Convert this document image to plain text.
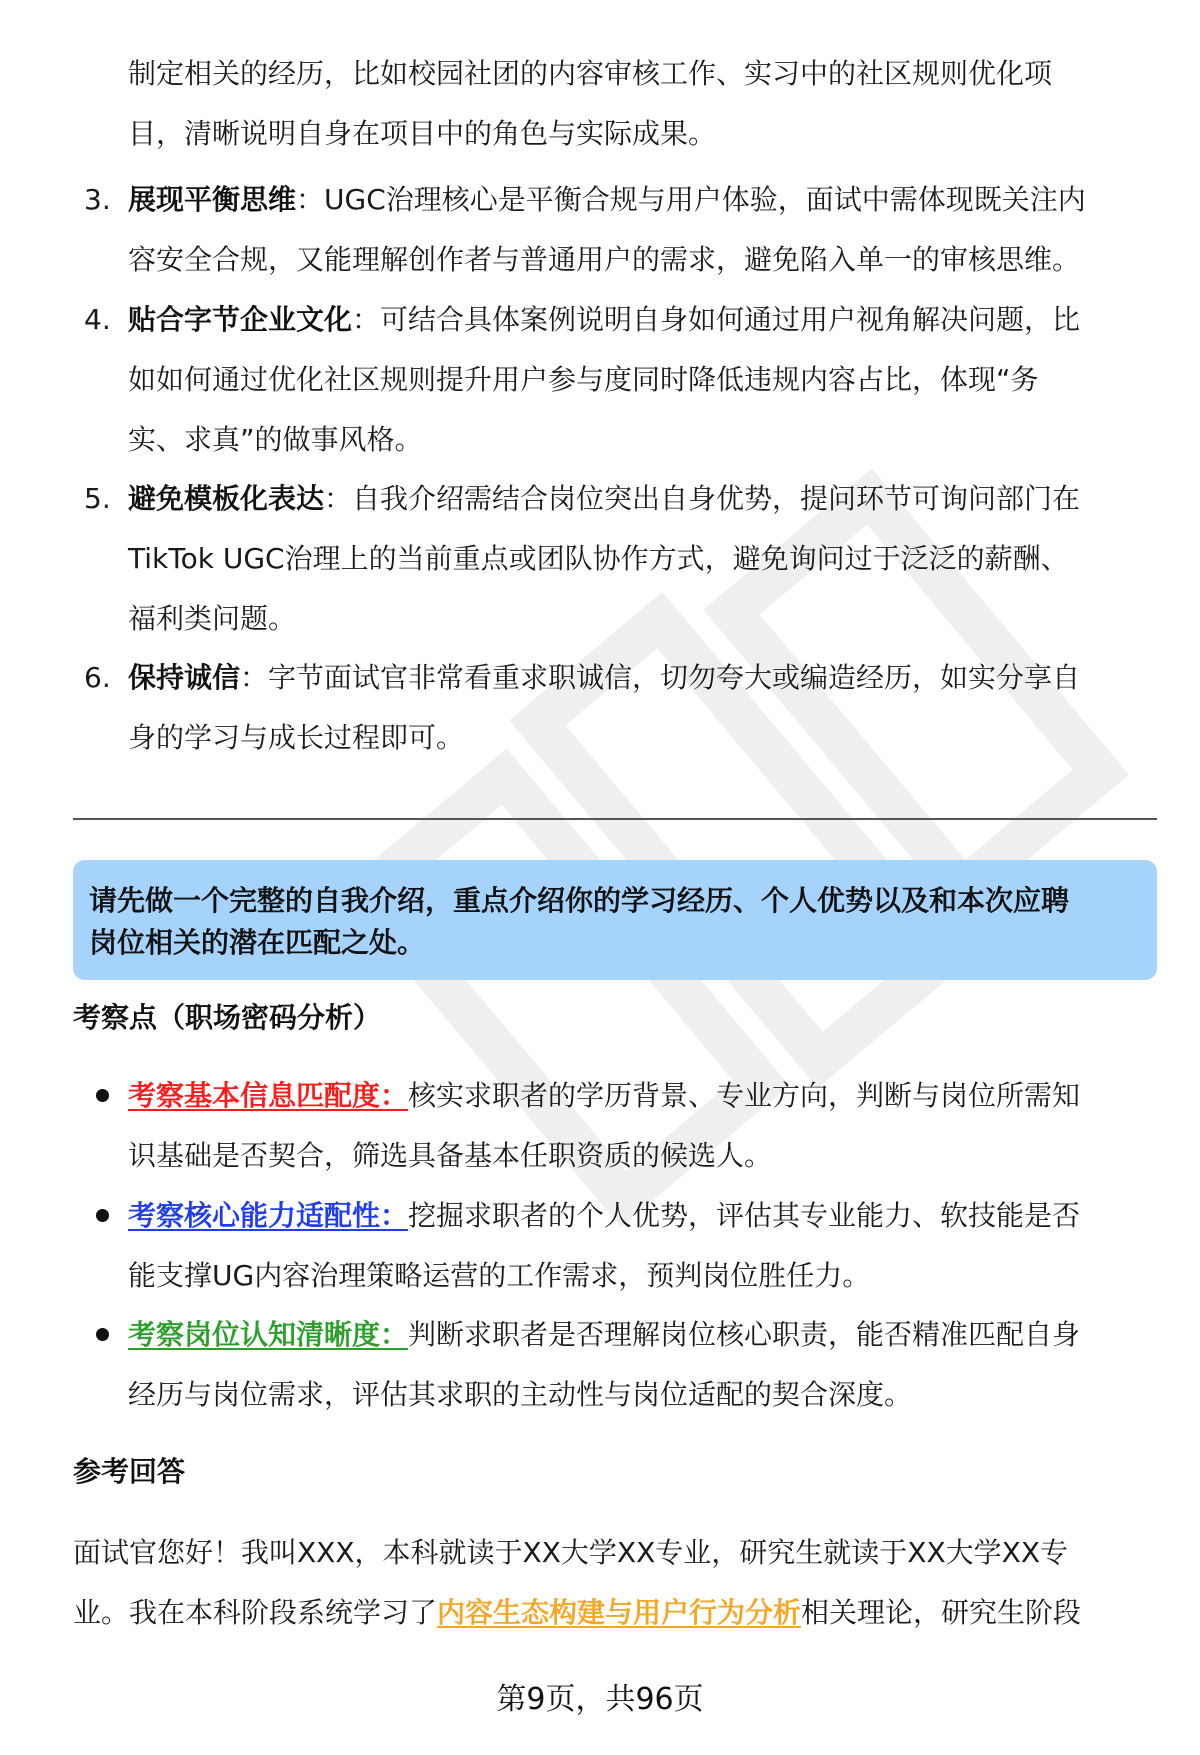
制定相关的经历，比如校园社团的内容审核工作、实习中的社区规则优化项
目，清晰说明自身在项目中的角色与实际成果。
3. 展现平衡思维：UGC治理核心是平衡合规与用户体验，面试中需体现既关注内
容安全合规，又能理解创作者与普通用户的需求，避免陷入单一的审核思维。
4. 贴合字节企业文化：可结合具体案例说明自身如何通过用户视角解决问题，比
如如何通过优化社区规则提升用户参与度同时降低违规内容占比，体现“务
实、求真”的做事风格。
5. 避免模板化表达：自我介绍需结合岗位突出自身优势，提问环节可询问部门在
TikTok UGC治理上的当前重点或团队协作方式，避免询问过于泛泛的薪酬、
福利类问题。
6. 保持诚信：字节面试官非常看重求职诚信，切勿夸大或编造经历，如实分享自
身的学习与成长过程即可。
请先做一个完整的自我介绍，重点介绍你的学习经历、个人优势以及和本次应聘
岗位相关的潜在匹配之处。
考察点（职场密码分析）
考察基本信息匹配度：核实求职者的学历背景、专业方向，判断与岗位所需知
识基础是否契合，筛选具备基本任职资质的候选人。
考察核心能力适配性：挖掘求职者的个人优势，评估其专业能力、软技能是否
能支撑UG内容治理策略运营的工作需求，预判岗位胜任力。
考察岗位认知清晰度：判断求职者是否理解岗位核心职责，能否精准匹配自身
经历与岗位需求，评估其求职的主动性与岗位适配的契合深度。
参考回答
面试官您好！我叫XXX，本科就读于XX大学XX专业，研究生就读于XX大学XX专
业。我在本科阶段系统学习了内容生态构建与用户行为分析相关理论，研究生阶段
第9页，共96页
